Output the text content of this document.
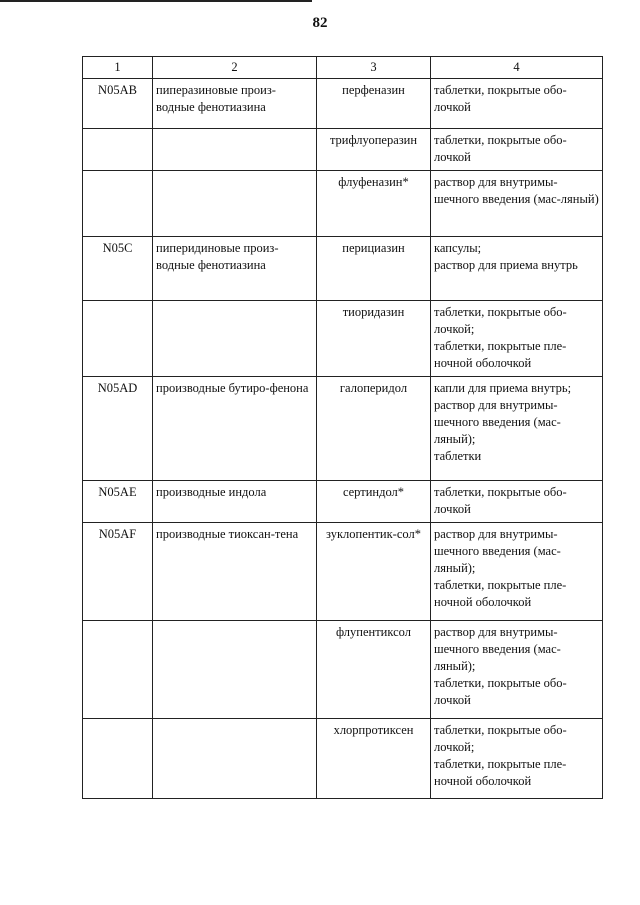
82
1	2	3	4
N05AB	пиперазиновые произ-водные фенотиазина	перфеназин	таблетки, покрытые обо-лочкой

		трифлуоперазин	таблетки, покрытые обо-лочкой

		флуфеназин*	раствор для внутримы-шечного введения (мас-ляный)

N05C	пиперидиновые произ-водные фенотиазина	перициазин	капсулы;
раствор для приема внутрь

		тиоридазин	таблетки, покрытые обо-лочкой;
таблетки, покрытые пле-ночной оболочкой

N05AD	производные бутиро-фенона	галоперидол	капли для приема внутрь;
раствор для внутримы-шечного введения (мас-ляный);
таблетки

N05AE	производные индола	сертиндол*	таблетки, покрытые обо-лочкой

N05AF	производные тиоксан-тена	зуклопентик-сол*	раствор для внутримы-шечного введения (мас-ляный);
таблетки, покрытые пле-ночной оболочкой

		флупентиксол	раствор для внутримы-шечного введения (мас-ляный);
таблетки, покрытые обо-лочкой

		хлорпротиксен	таблетки, покрытые обо-лочкой;
таблетки, покрытые пле-ночной оболочкой
